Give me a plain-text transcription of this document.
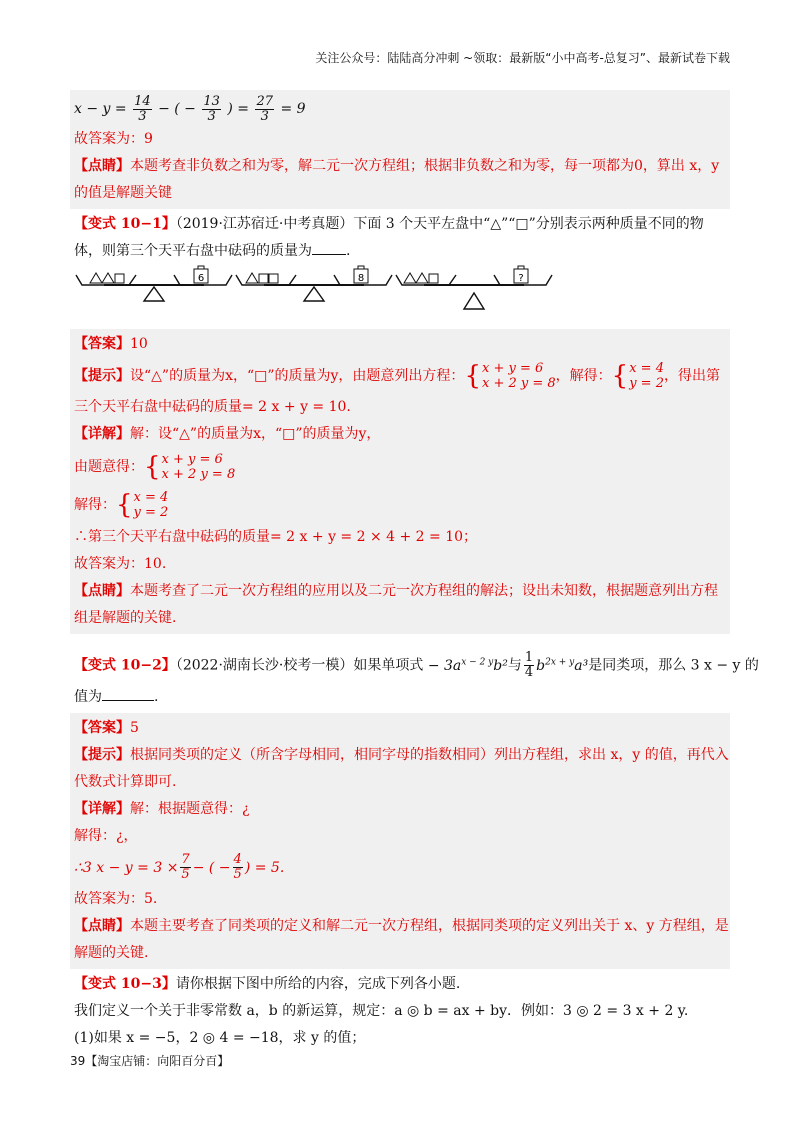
关注公众号：陆陆高分冲刺 ~领取：最新版“小中高考-总复习”、最新试卷下载
$x - y = \frac{14}{3}$ − ( − $\frac{13}{3}$ ) = $\frac{27}{3} = 9$
故答案为：9
【点睛】本题考查非负数之和为零，解二元一次方程组；根据非负数之和为零，每一项都为0，算出 x，y
的值是解题关键
【变式 10−1】（2019·江苏宿迁·中考真题）下面 3 个天平左盘中“△”“□”分别表示两种质量不同的物
体，则第三个天平右盘中砝码的质量为 .
6	8	?
【答案】10
【提示】设“△”的质量为x，“□”的质量为y，由题意列出方程：{x + y = 6
x + 2 y = 8，解得：{x = 4
y = 2，得出第
三个天平右盘中砝码的质量= 2 x + y = 10.
【详解】解：设“△”的质量为x，“□”的质量为y，
由题意得：{x + y = 6
x + 2 y = 8
解得：{x = 4
y = 2
∴第三个天平右盘中砝码的质量= 2 x + y = 2 × 4 + 2 = 10；
故答案为：10.
【点睛】本题考查了二元一次方程组的应用以及二元一次方程组的解法；设出未知数，根据题意列出方程
组是解题的关键.
【变式 10−2】（2022·湖南长沙·校考一模）如果单项式 − $3a^{x - 2 y}b^2$与 $\frac{1}{4} b^{2x + y}a^3$是同类项，那么 3 x − y 的
值为	.
【答案】5
【提示】根据同类项的定义（所含字母相同，相同字母的指数相同）列出方程组，求出 x，y 的值，再代入
代数式计算即可.
【详解】解：根据题意得：¿
解得：¿，
∴3 $x - y = 3 \times \frac{7}{5}$ − ( − $\frac{4}{5}$ ) = 5.
故答案为：5.
【点睛】本题主要考查了同类项的定义和解二元一次方程组，根据同类项的定义列出关于 x、y 方程组，是
解题的关键.
【变式 10−3】请你根据下图中所给的内容，完成下列各小题.
我们定义一个关于非零常数 a，b 的新运算，规定：a ◎ b = ax + by．例如：3 ◎ 2 = 3 x + 2 y.
(1)如果 x = −5，2 ◎ 4 = −18，求 y 的值；
39【淘宝店铺：向阳百分百】
